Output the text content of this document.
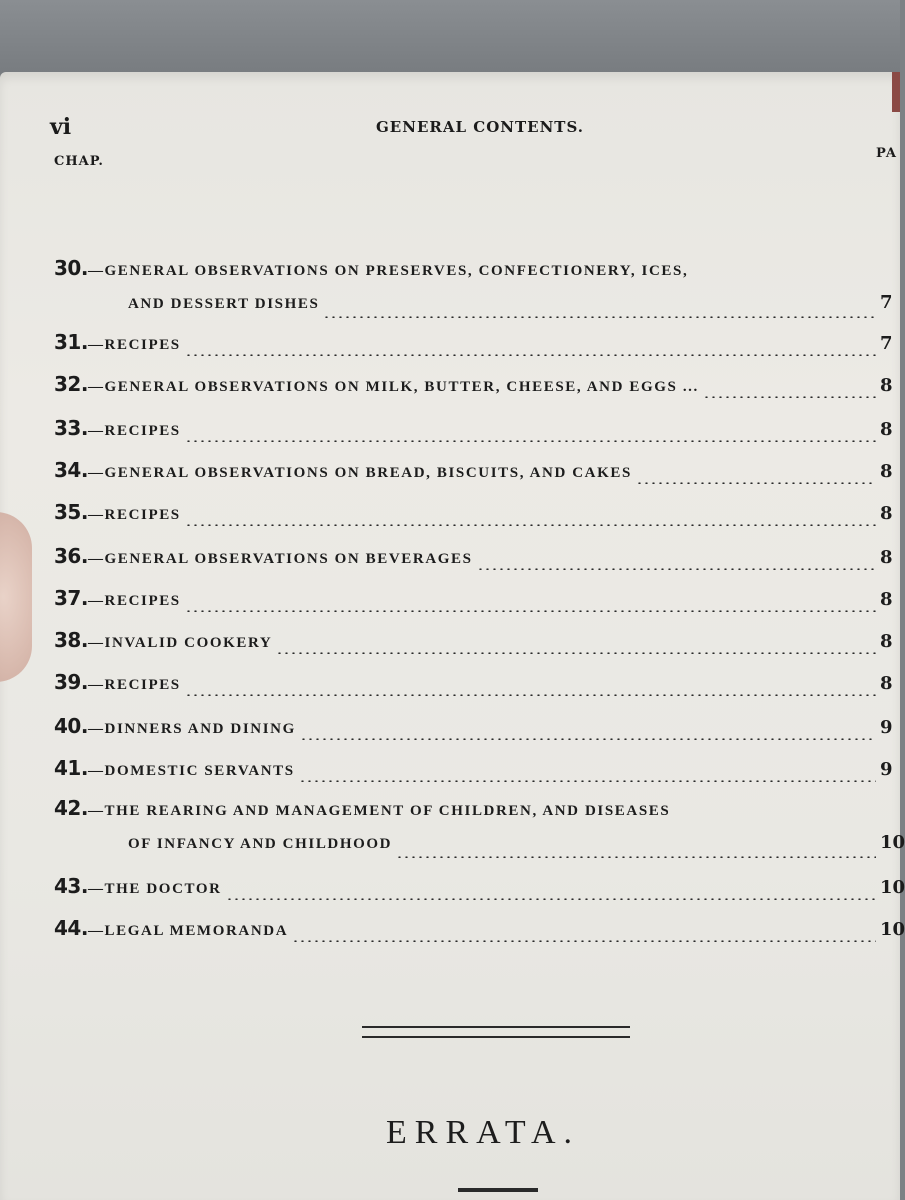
vi	GENERAL CONTENTS.
CHAP.
PA
30. —GENERAL OBSERVATIONS ON PRESERVES, CONFECTIONERY, ICES,
AND DESSERT DISHES	7
31. —RECIPES	7
32. —GENERAL OBSERVATIONS ON MILK, BUTTER, CHEESE, AND EGGS ...	8
33. —RECIPES	8
34. —GENERAL OBSERVATIONS ON BREAD, BISCUITS, AND CAKES	8
35. —RECIPES	8
36. —GENERAL OBSERVATIONS ON BEVERAGES	8
37. —RECIPES	8
38. —INVALID COOKERY	8
39. —RECIPES	8
40. —DINNERS AND DINING	9
41. —DOMESTIC SERVANTS	9
42. —THE REARING AND MANAGEMENT OF CHILDREN, AND DISEASES
OF INFANCY AND CHILDHOOD	10
43. —THE DOCTOR	10
44. —LEGAL MEMORANDA	10
ERRATA.
